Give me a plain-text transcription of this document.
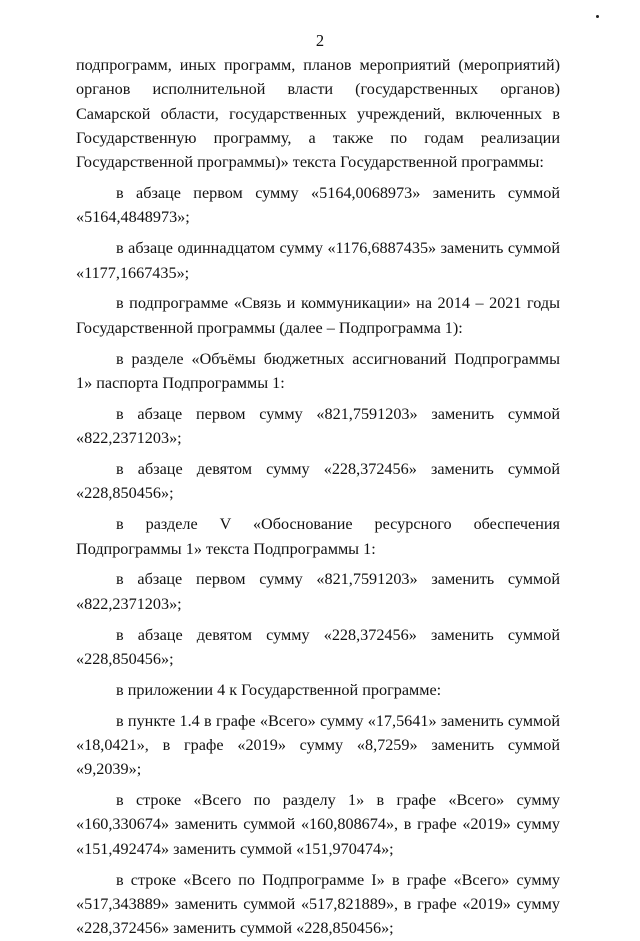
2

подпрограмм, иных программ, планов мероприятий (мероприятий) органов исполнительной власти (государственных органов) Самарской области, государственных учреждений, включенных в Государственную программу, а также по годам реализации Государственной программы)» текста Государственной программы:

в абзаце первом сумму «5164,0068973» заменить суммой «5164,4848973»;

в абзаце одиннадцатом сумму «1176,6887435» заменить суммой «1177,1667435»;

в подпрограмме «Связь и коммуникации» на 2014 – 2021 годы Государственной программы (далее – Подпрограмма 1):

в разделе «Объёмы бюджетных ассигнований Подпрограммы 1» паспорта Подпрограммы 1:

в абзаце первом сумму «821,7591203» заменить суммой «822,2371203»;

в абзаце девятом сумму «228,372456» заменить суммой «228,850456»;

в разделе V «Обоснование ресурсного обеспечения Подпрограммы 1» текста Подпрограммы 1:

в абзаце первом сумму «821,7591203» заменить суммой «822,2371203»;

в абзаце девятом сумму «228,372456» заменить суммой «228,850456»;

в приложении 4 к Государственной программе:

в пункте 1.4 в графе «Всего» сумму «17,5641» заменить суммой «18,0421», в графе «2019» сумму «8,7259» заменить суммой «9,2039»;

в строке «Всего по разделу 1» в графе «Всего» сумму «160,330674» заменить суммой «160,808674», в графе «2019» сумму «151,492474» заменить суммой «151,970474»;

в строке «Всего по Подпрограмме I» в графе «Всего» сумму «517,343889» заменить суммой «517,821889», в графе «2019» сумму «228,372456» заменить суммой «228,850456»;
